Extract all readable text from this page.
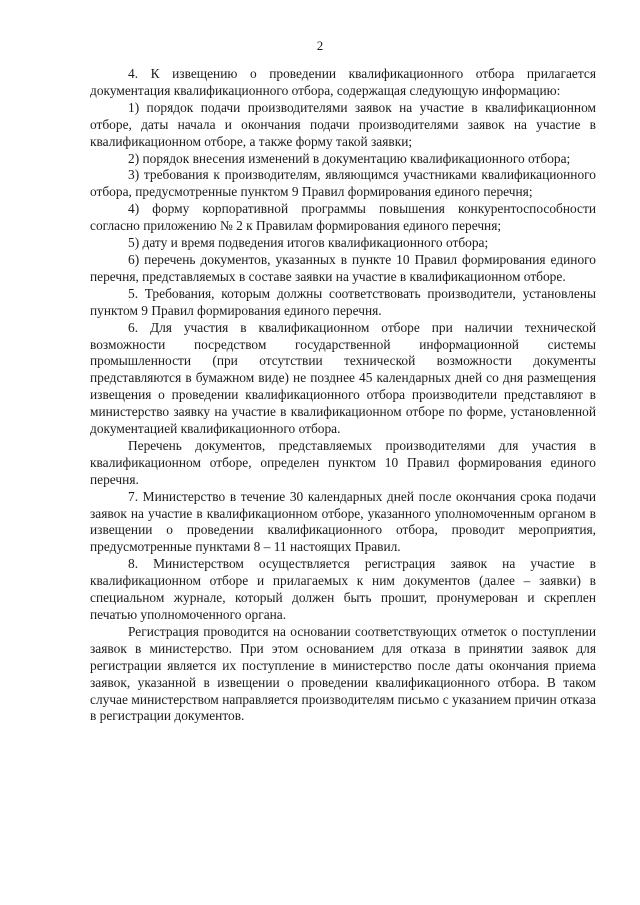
2

4. К извещению о проведении квалификационного отбора прилагается документация квалификационного отбора, содержащая следующую информацию:

1) порядок подачи производителями заявок на участие в квалификационном отборе, даты начала и окончания подачи производителями заявок на участие в квалификационном отборе, а также форму такой заявки;

2) порядок внесения изменений в документацию квалификационного отбора;

3) требования к производителям, являющимся участниками квалификационного отбора, предусмотренные пунктом 9 Правил формирования единого перечня;

4) форму корпоративной программы повышения конкурентоспособности согласно приложению № 2 к Правилам формирования единого перечня;

5) дату и время подведения итогов квалификационного отбора;

6) перечень документов, указанных в пункте 10 Правил формирования единого перечня, представляемых в составе заявки на участие в квалификационном отборе.

5. Требования, которым должны соответствовать производители, установлены пунктом 9 Правил формирования единого перечня.

6. Для участия в квалификационном отборе при наличии технической возможности посредством государственной информационной системы промышленности (при отсутствии технической возможности документы представляются в бумажном виде) не позднее 45 календарных дней со дня размещения извещения о проведении квалификационного отбора производители представляют в министерство заявку на участие в квалификационном отборе по форме, установленной документацией квалификационного отбора.

Перечень документов, представляемых производителями для участия в квалификационном отборе, определен пунктом 10 Правил формирования единого перечня.

7. Министерство в течение 30 календарных дней после окончания срока подачи заявок на участие в квалификационном отборе, указанного уполномоченным органом в извещении о проведении квалификационного отбора, проводит мероприятия, предусмотренные пунктами 8 – 11 настоящих Правил.

8. Министерством осуществляется регистрация заявок на участие в квалификационном отборе и прилагаемых к ним документов (далее – заявки) в специальном журнале, который должен быть прошит, пронумерован и скреплен печатью уполномоченного органа.

Регистрация проводится на основании соответствующих отметок о поступлении заявок в министерство. При этом основанием для отказа в принятии заявок для регистрации является их поступление в министерство после даты окончания приема заявок, указанной в извещении о проведении квалификационного отбора. В таком случае министерством направляется производителям письмо с указанием причин отказа в регистрации документов.
